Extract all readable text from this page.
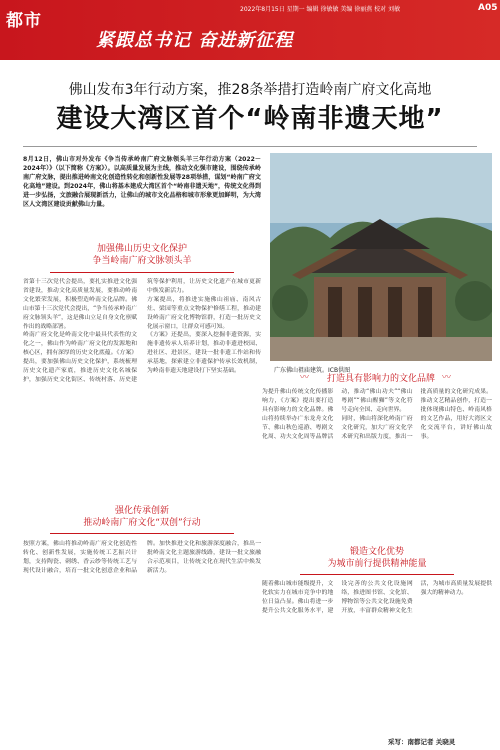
都市
2022年8月15日 星期一 编辑 徐敏敏 美编 徐丽燕 校对 刘敏	A05
紧跟总书记 奋进新征程
佛山发布3年行动方案，推28条举措打造岭南广府文化高地
建设大湾区首个“岭南非遗天地”
8月12日，佛山市对外发布《争当传承岭南广府文脉领头羊三年行动方案（2022－2024年）》（以下简称《方案》）。以高质量发展为主线，推动文化强市建设，围绕传承岭南广府文脉，提出推进岭南文化创造性转化和创新性发展等28项举措，谋划“岭南广府文化高地”建设。到2024年，佛山将基本建成大湾区首个“岭南非遗天地”，传统文化得到进一步弘扬，文旅融合展现新活力，让佛山的城市文化品格和城市形象更加鲜明，为大湾区人文湾区建设贡献佛山力量。
广东佛山祖庙建筑。ICB供图
加强佛山历史文化保护
争当岭南广府文脉领头羊
省第十三次党代会提出，要扎实推进文化强省建设，推动文化高质量发展，要推动岭南文化繁荣发展，积极塑造岭南文化品牌。佛山市第十三次党代会提出，“争当传承岭南广府文脉领头羊”，这是佛山立足自身文化禀赋作出的战略部署。
岭南广府文化是岭南文化中最具代表性的文化之一，佛山作为岭南广府文化的发源地和核心区，拥有深厚的历史文化底蕴。《方案》提出，要加强佛山历史文化保护，系统梳理历史文化遗产家底，推进历史文化名城保护，加强历史文化街区、传统村落、历史建筑等保护利用，让历史文化遗产在城市更新中焕发新活力。
方案提出，将推进实施佛山祖庙、南风古灶、梁园等重点文物保护修缮工程，推动建设岭南广府文化博物馆群，打造一批历史文化展示窗口，让群众可感可知。
《方案》还提出，要深入挖掘非遗资源，实施非遗传承人培养计划，推动非遗进校园、进社区、进景区，建设一批非遗工作站和传承基地，探索建立非遗保护传承长效机制，为岭南非遗天地建设打下坚实基础。
〰	打造具有影响力的文化品牌 〰
为提升佛山传统文化传播影响力，《方案》提出要打造具有影响力的文化品牌。佛山将持续举办广东龙舟文化节、佛山秋色巡游、粤剧文化周、功夫文化周等品牌活动，推动“佛山功夫”“佛山粤剧”“佛山醒狮”等文化符号走向全国、走向世界。
同时，佛山将深化岭南广府文化研究，加大广府文化学术研究和出版力度，推出一批高质量的文化研究成果。推动文艺精品创作，打造一批体现佛山特色、岭南风格的文艺作品，用好大湾区文化交流平台，讲好佛山故事。
强化传承创新
推动岭南广府文化“双创”行动
按照方案，佛山将推动岭南广府文化创造性转化、创新性发展，实施传统工艺振兴计划，支持陶瓷、刺绣、香云纱等传统工艺与现代设计融合，培育一批文化创意企业和品牌。加快推进文化和旅游深度融合，推出一批岭南文化主题旅游线路，建设一批文旅融合示范项目，让传统文化在现代生活中焕发新活力。
锻造文化优势
为城市前行提供精神能量
随着佛山城市能级提升，文化软实力在城市竞争中的地位日益凸显。佛山将进一步提升公共文化服务水平，建设完善的公共文化设施网络，推进图书馆、文化馆、博物馆等公共文化设施免费开放，丰富群众精神文化生活，为城市高质量发展提供强大的精神动力。
采写：南都记者 关晓灵
